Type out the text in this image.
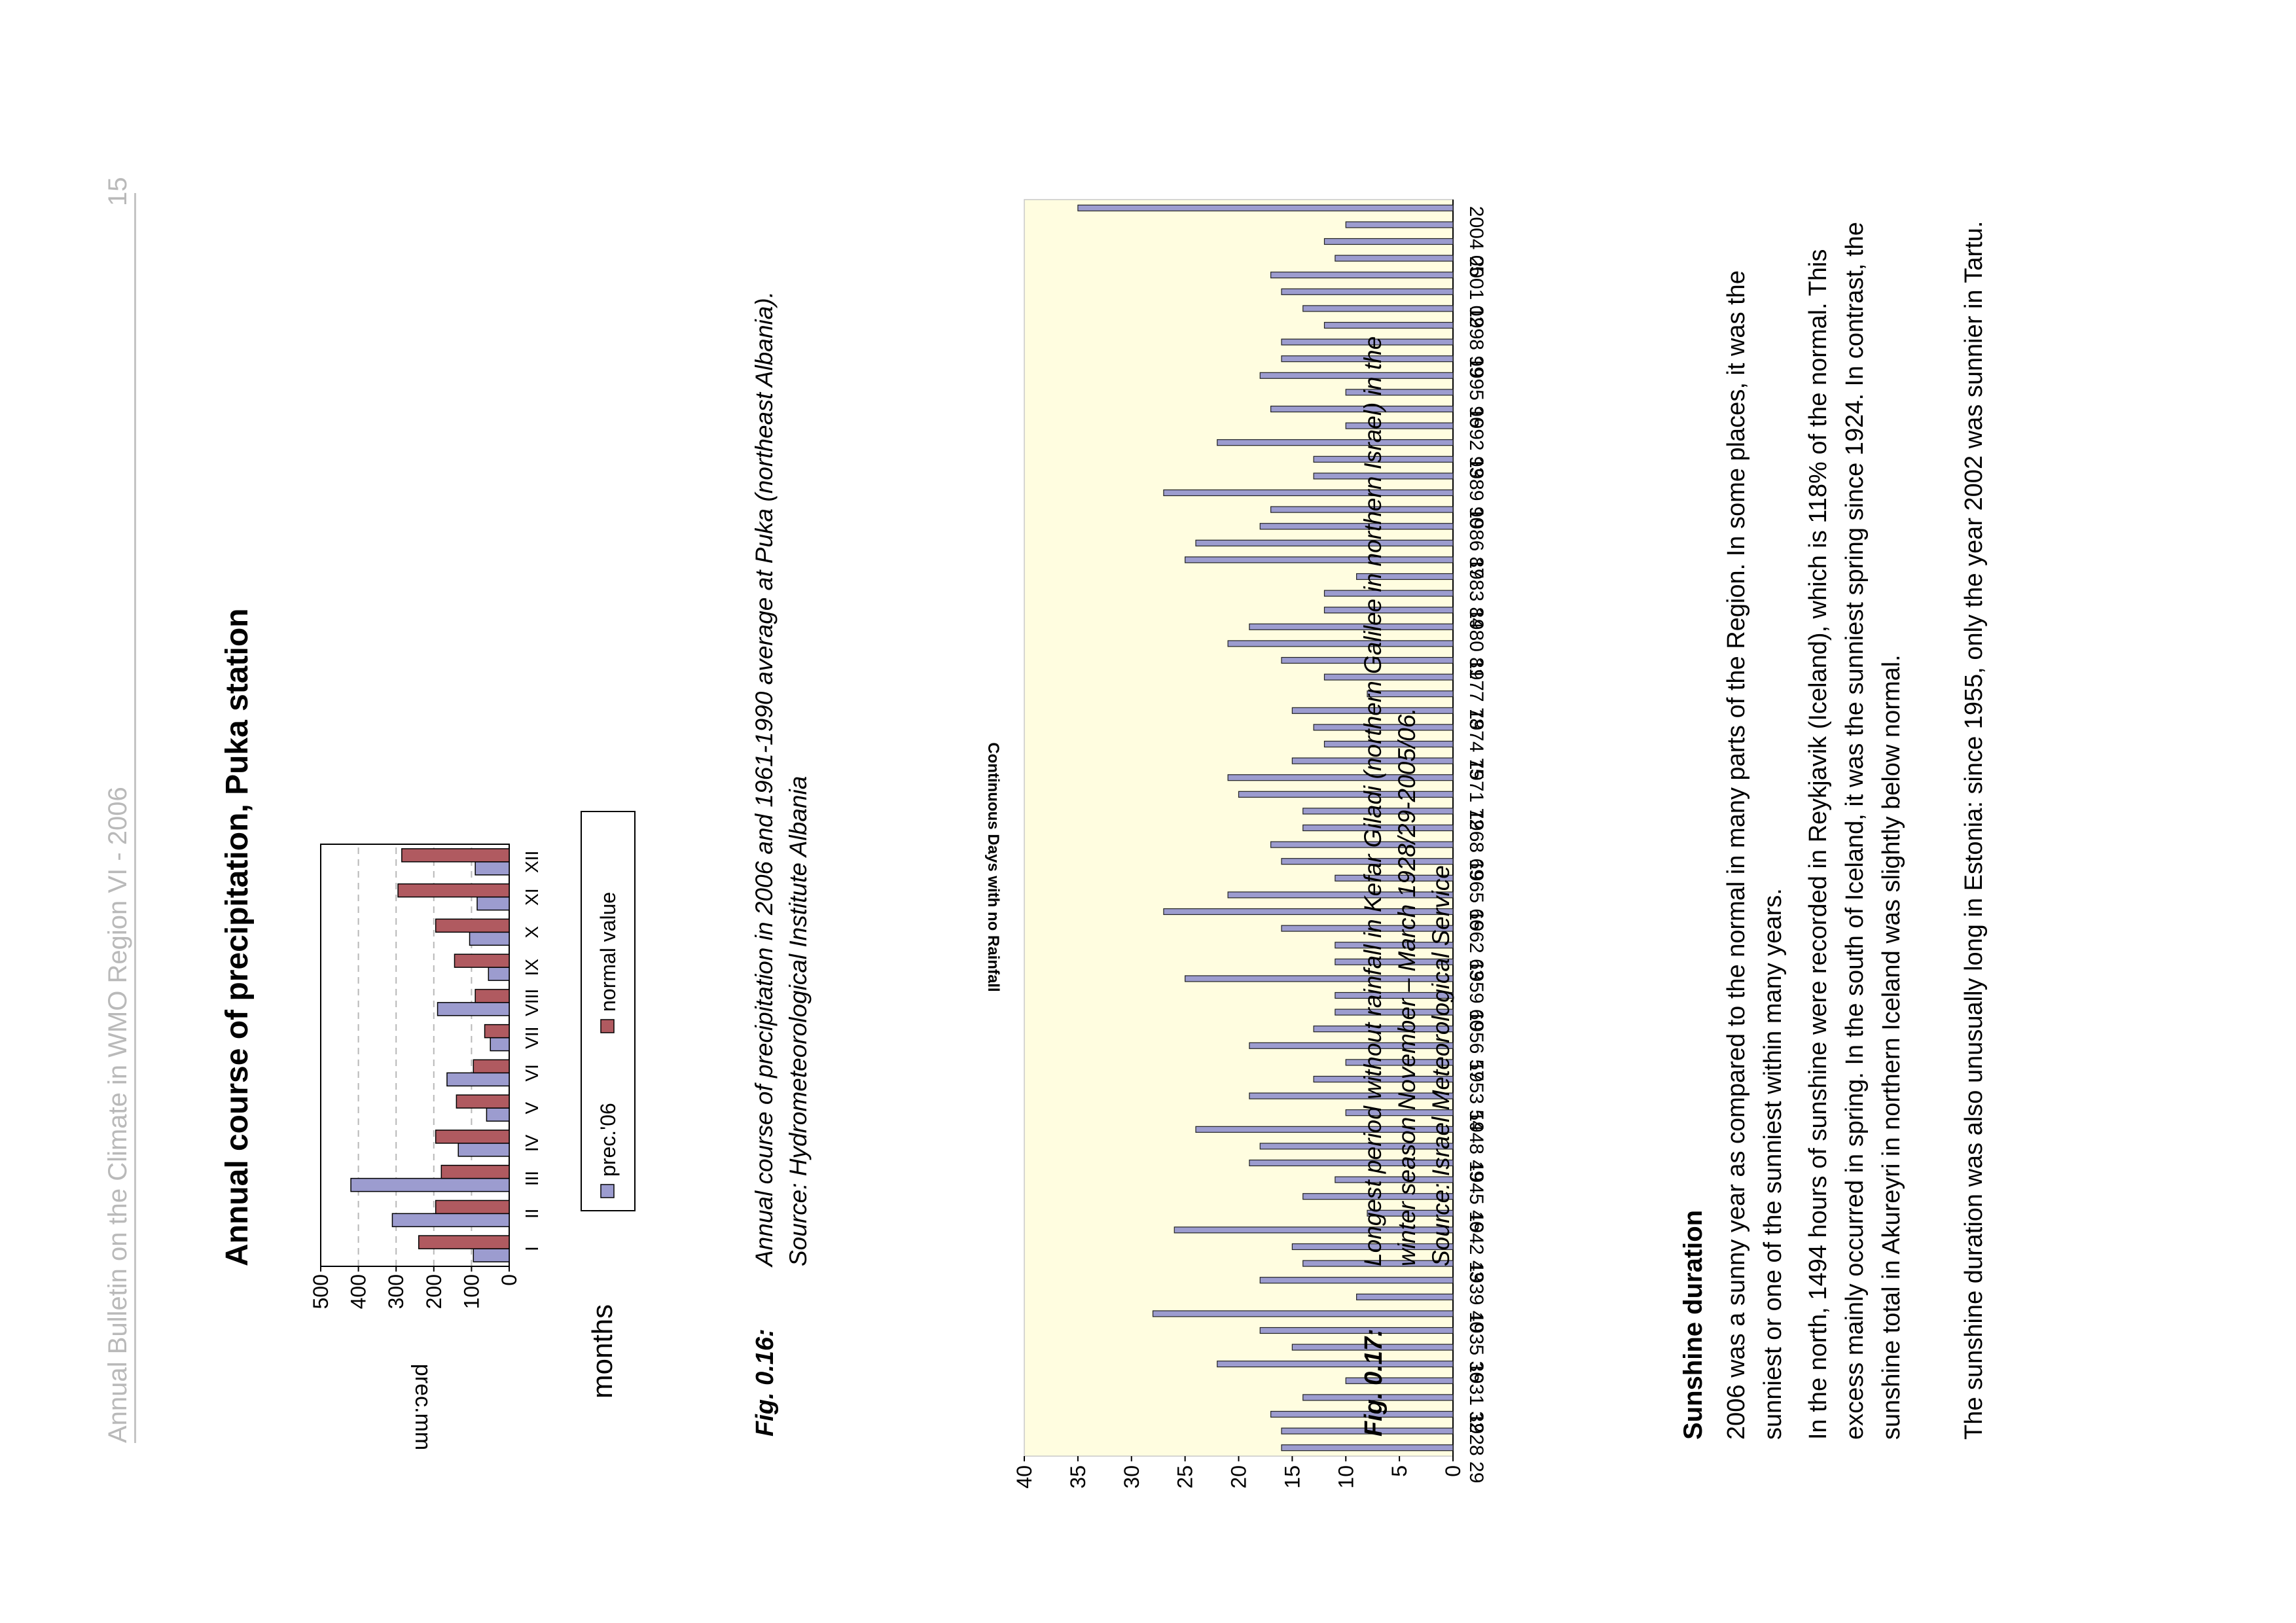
Annual Bulletin on the Climate in WMO Region VI - 2006
15
Annual course of precipitation, Puka station
0
100
200
300
400
500
I
II
III
IV
V
VI
VII
VIII
IX
X
XI
XII
prec.mm
months
prec.'06
normal value
Fig. 0.16:
Annual course of precipitation in 2006 and 1961-1990 average at Puka (northeast Albania). Source: Hydrometeorological Institute Albania
0
5
10
15
20
25
30
35
40	1928 29
1931 32
1935 36
1939 40
1942 43
1945 46
1948 49
1953 54
1956 57
1959 60
1962 63
1965 66
1968 69
1971 72
1974 75
1977 78
1980 81
1983 84
1986 87
1989 90
1992 93
1995 96
1998 99
2001 02
2004 05
Continuous Days with no Rainfall
Fig. 0.17:
Longest period without rainfall in Kefar Giladi (northern Galilee in northern Israel) in the winter season November – March 1928/29-2005/06. Source: Israel Meteorological Service
Sunshine duration 2006 was a sunny year as compared to the normal in many parts of the Region. In some places, it was the sunniest or one of the sunniest within many years. In the north, 1494 hours of sunshine were recorded in Reykjavik (Iceland), which is 118% of the normal. This excess mainly occurred in spring. In the south of Iceland, it was the sunniest spring since 1924. In contrast, the sunshine total in Akureyri in northern Iceland was slightly below normal. The sunshine duration was also unusually long in Estonia: since 1955, only the year 2002 was sunnier in Tartu.
